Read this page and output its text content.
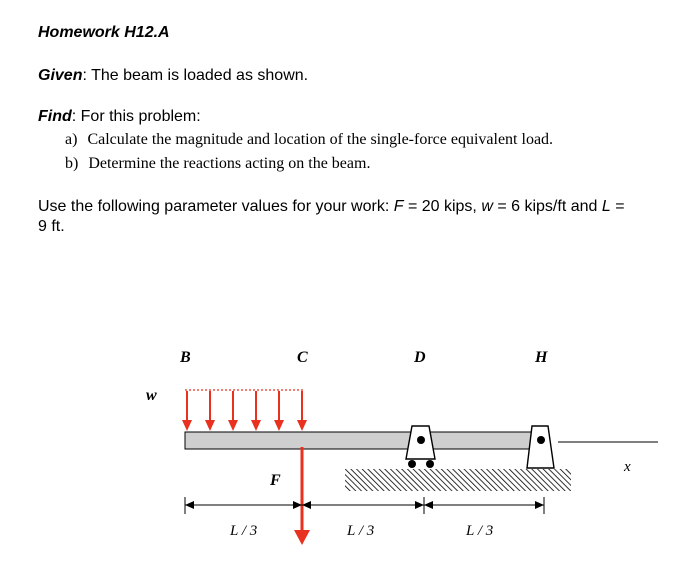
Homework H12.A
Given: The beam is loaded as shown.
Find: For this problem:
a) Calculate the magnitude and location of the single-force equivalent load.
b) Determine the reactions acting on the beam.
Use the following parameter values for your work: F = 20 kips, w = 6 kips/ft and L =
9 ft.
B	C	D	H
w
x
F
L / 3	L / 3	L / 3
